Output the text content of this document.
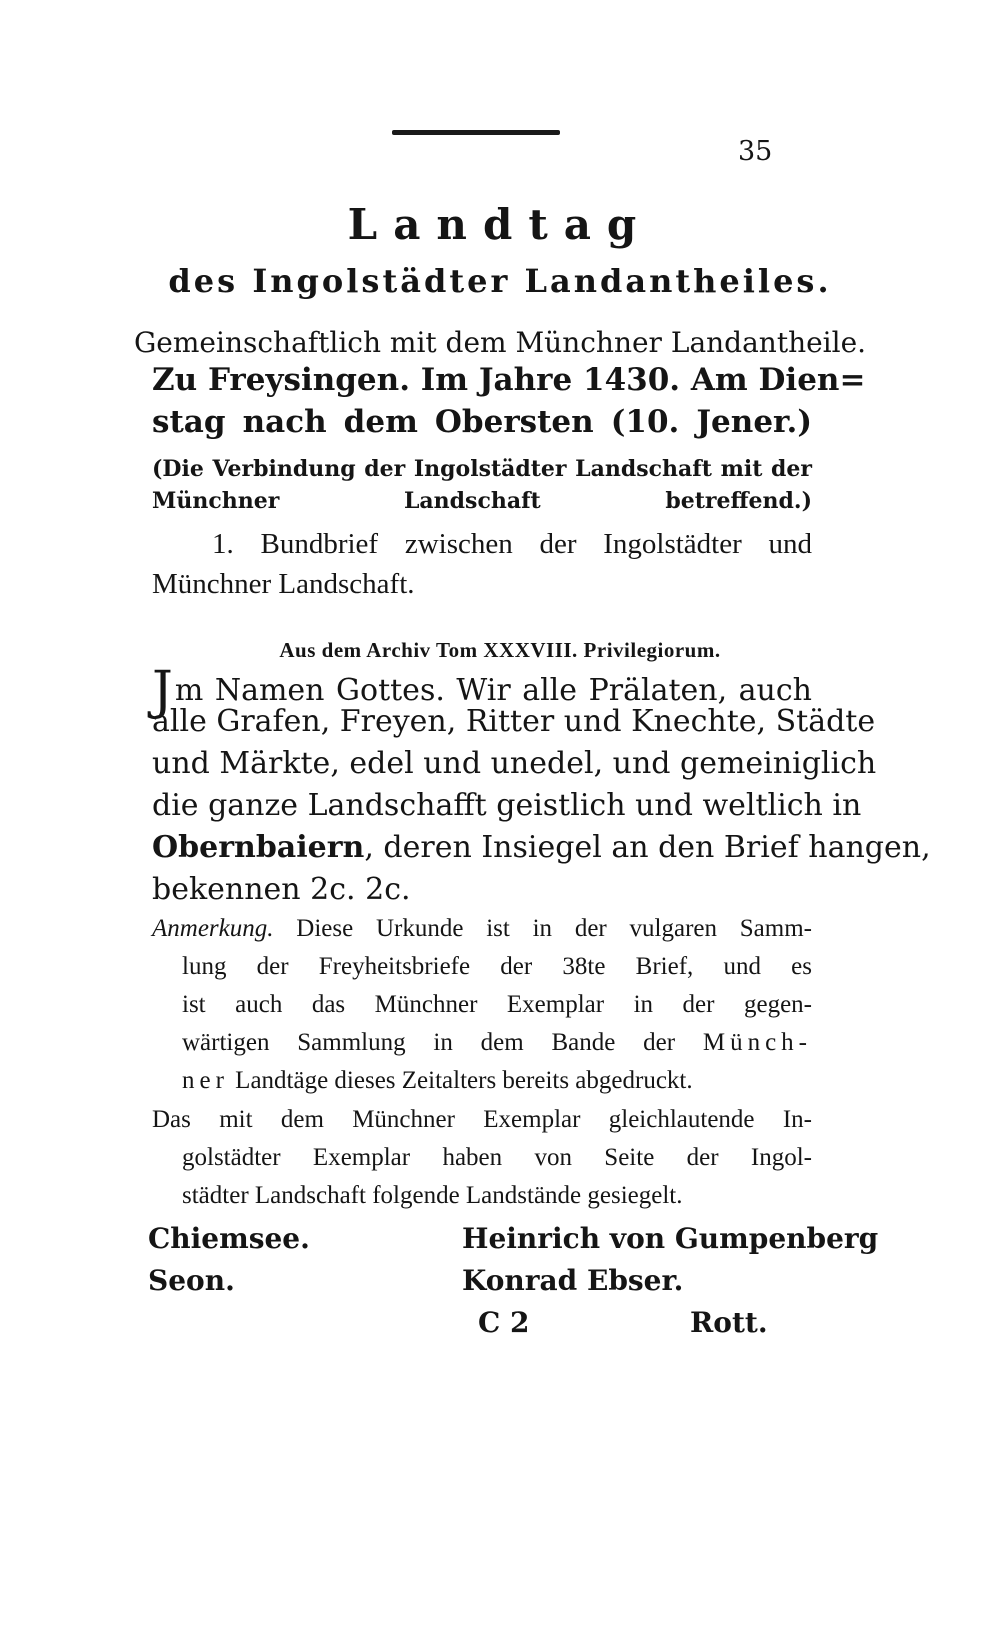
35
Landtag
des Ingolstädter Landantheiles.
Gemeinschaftlich mit dem Münchner Landantheile.
Zu Freysingen. Im Jahre 1430. Am Dien=
stag nach dem Obersten (10. Jener.)
(Die Verbindung der Ingolstädter Landschaft mit der
Münchner Landschaft betreffend.)
1. Bundbrief zwischen der Ingolstädter und
Münchner Landschaft.
Aus dem Archiv Tom XXXVIII. Privilegiorum.
Jm Namen Gottes. Wir alle Prälaten, auch
alle Grafen, Freyen, Ritter und Knechte, Städte
und Märkte, edel und unedel, und gemeiniglich
die ganze Landschafft geistlich und weltlich in
Obernbaiern, deren Insiegel an den Brief hangen,
bekennen 2c. 2c.
Anmerkung. Diese Urkunde ist in der vulgaren Samm-
lung der Freyheitsbriefe der 38te Brief, und es
ist auch das Münchner Exemplar in der gegen-
wärtigen Sammlung in dem Bande der Münch-
ner Landtäge dieses Zeitalters bereits abgedruckt.
Das mit dem Münchner Exemplar gleichlautende In-
golstädter Exemplar haben von Seite der Ingol-
städter Landschaft folgende Landstände gesiegelt.
Chiemsee.
Seon.
Heinrich von Gumpenberg
Konrad Ebser.
C 2	Rott.
